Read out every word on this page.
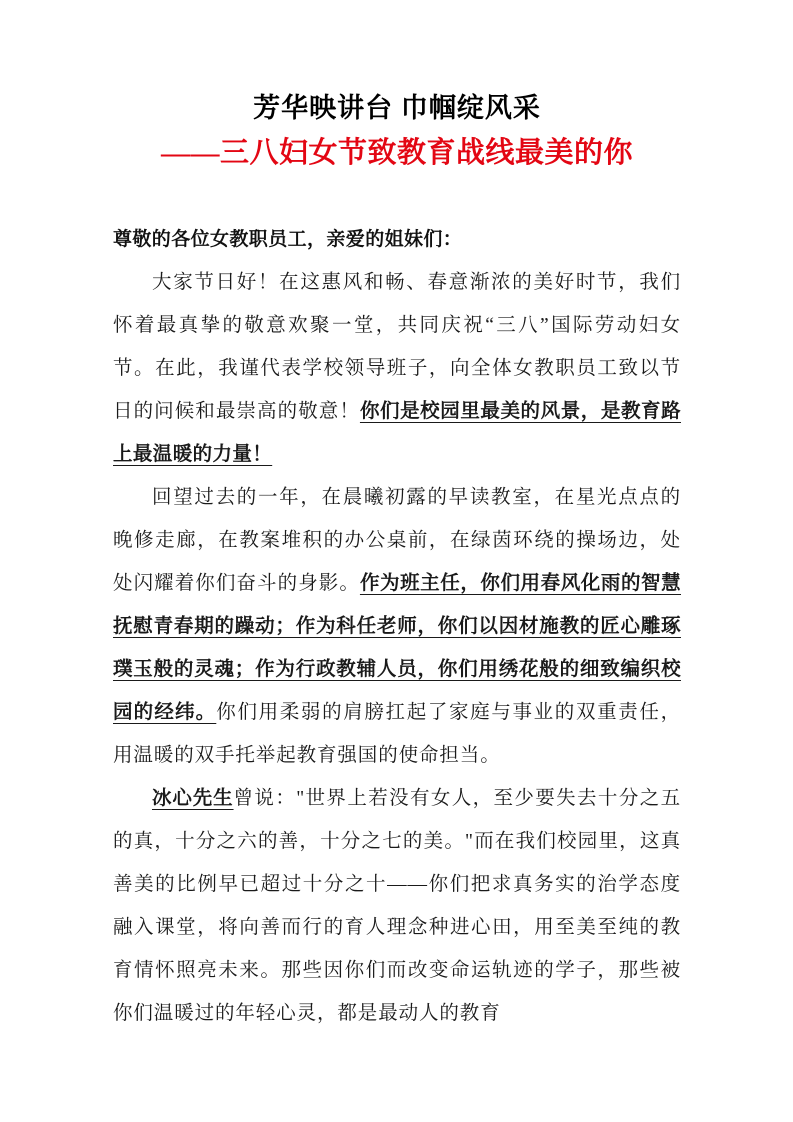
芳华映讲台 巾帼绽风采
——三八妇女节致教育战线最美的你
尊敬的各位女教职员工，亲爱的姐妹们：

大家节日好！在这惠风和畅、春意渐浓的美好时节，我们怀着最真挚的敬意欢聚一堂，共同庆祝“三八”国际劳动妇女节。在此，我谨代表学校领导班子，向全体女教职员工致以节日的问候和最崇高的敬意！你们是校园里最美的风景，是教育路上最温暖的力量！

回望过去的一年，在晨曦初露的早读教室，在星光点点的晚修走廊，在教案堆积的办公桌前，在绿茵环绕的操场边，处处闪耀着你们奋斗的身影。作为班主任，你们用春风化雨的智慧抚慰青春期的躁动；作为科任老师，你们以因材施教的匠心雕琢璞玉般的灵魂；作为行政教辅人员，你们用绣花般的细致编织校园的经纬。你们用柔弱的肩膀扛起了家庭与事业的双重责任，用温暖的双手托举起教育强国的使命担当。

冰心先生曾说："世界上若没有女人，至少要失去十分之五的真，十分之六的善，十分之七的美。"而在我们校园里，这真善美的比例早已超过十分之十——你们把求真务实的治学态度融入课堂，将向善而行的育人理念种进心田，用至美至纯的教育情怀照亮未来。那些因你们而改变命运轨迹的学子，那些被你们温暖过的年轻心灵，都是最动人的教育
